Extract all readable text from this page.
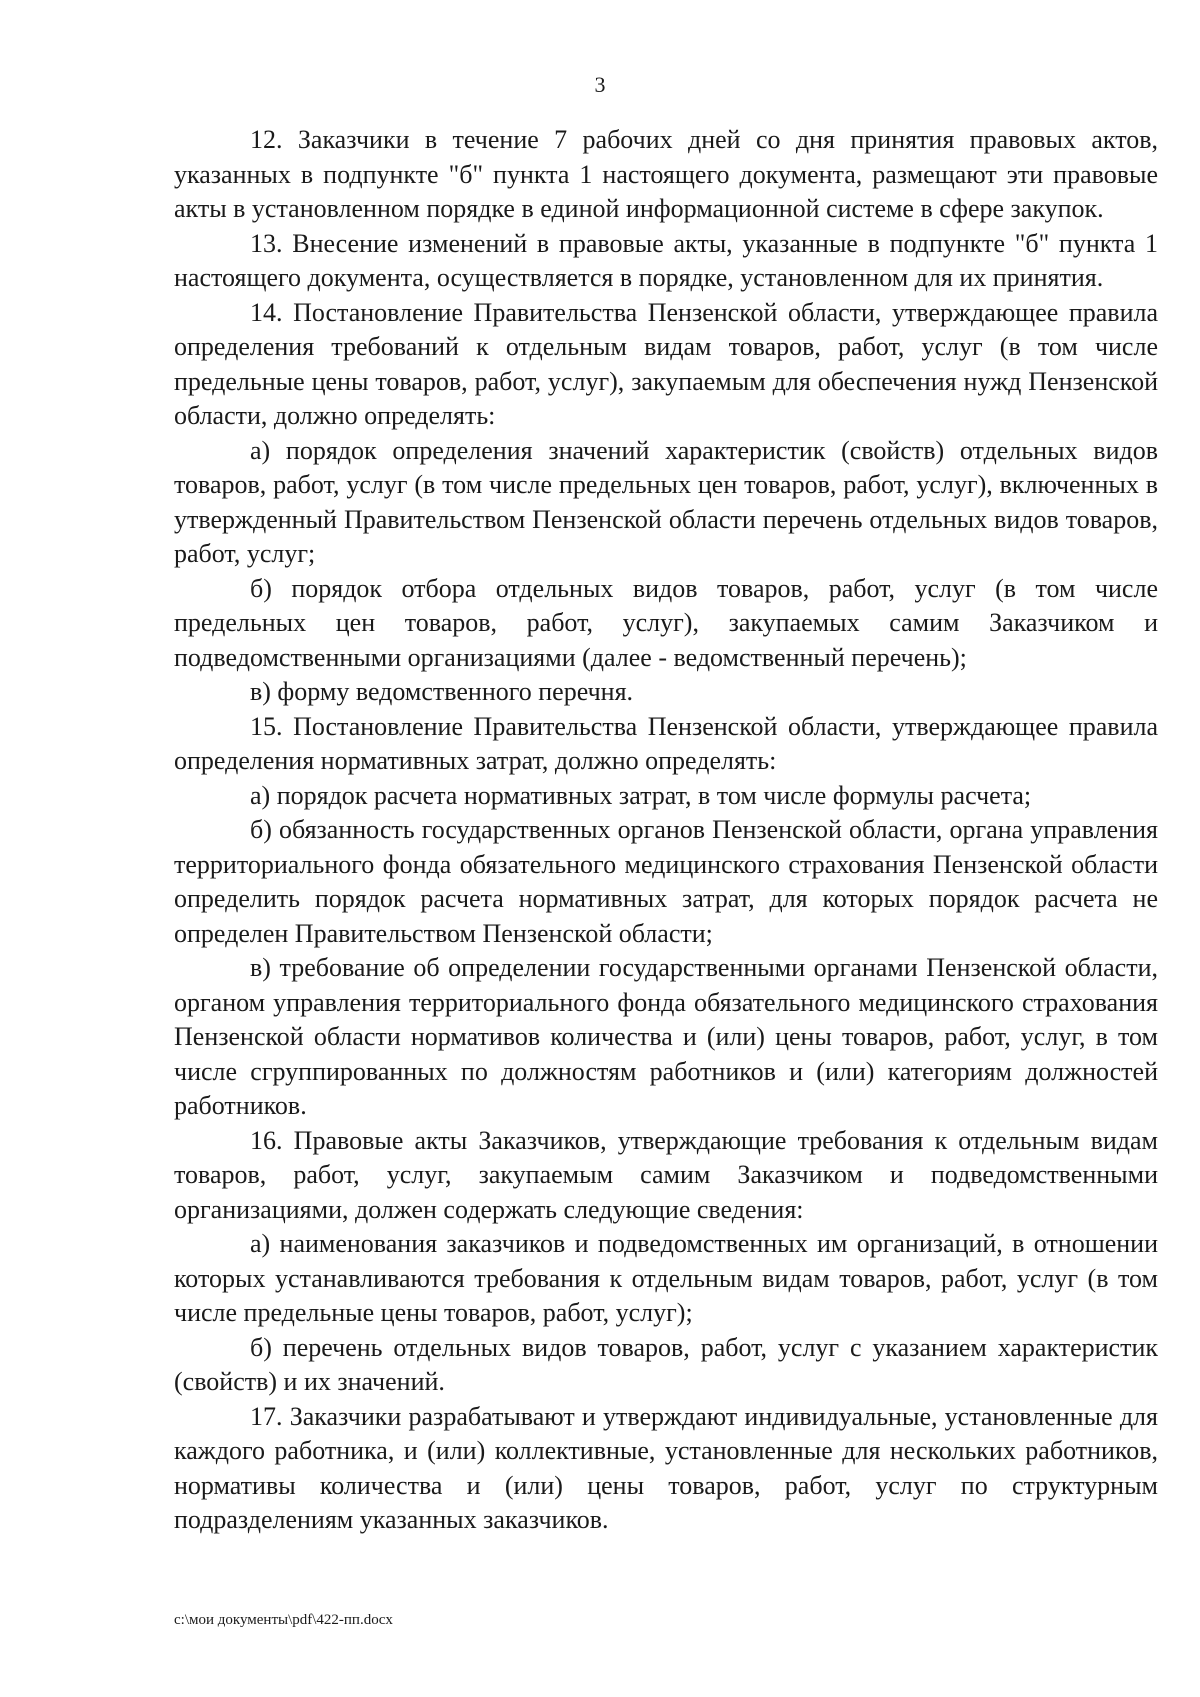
3

12. Заказчики в течение 7 рабочих дней со дня принятия правовых актов, указанных в подпункте "б" пункта 1 настоящего документа, размещают эти правовые акты в установленном порядке в единой информационной системе в сфере закупок.

13. Внесение изменений в правовые акты, указанные в подпункте "б" пункта 1 настоящего документа, осуществляется в порядке, установленном для их принятия.

14. Постановление Правительства Пензенской области, утверждающее правила определения требований к отдельным видам товаров, работ, услуг (в том числе предельные цены товаров, работ, услуг), закупаемым для обеспечения нужд Пензенской области, должно определять:

а) порядок определения значений характеристик (свойств) отдельных видов товаров, работ, услуг (в том числе предельных цен товаров, работ, услуг), включенных в утвержденный Правительством Пензенской области перечень отдельных видов товаров, работ, услуг;

б) порядок отбора отдельных видов товаров, работ, услуг (в том числе предельных цен товаров, работ, услуг), закупаемых самим Заказчиком и подведомственными организациями (далее - ведомственный перечень);

в) форму ведомственного перечня.

15. Постановление Правительства Пензенской области, утверждающее правила определения нормативных затрат, должно определять:

а) порядок расчета нормативных затрат, в том числе формулы расчета;

б) обязанность государственных органов Пензенской области, органа управления территориального фонда обязательного медицинского страхования Пензенской области определить порядок расчета нормативных затрат, для которых порядок расчета не определен Правительством Пензенской области;

в) требование об определении государственными органами Пензенской области, органом управления территориального фонда обязательного медицинского страхования Пензенской области нормативов количества и (или) цены товаров, работ, услуг, в том числе сгруппированных по должностям работников и (или) категориям должностей работников.

16. Правовые акты Заказчиков, утверждающие требования к отдельным видам товаров, работ, услуг, закупаемым самим Заказчиком и подведомственными организациями, должен содержать следующие сведения:

а) наименования заказчиков и подведомственных им организаций, в отношении которых устанавливаются требования к отдельным видам товаров, работ, услуг (в том числе предельные цены товаров, работ, услуг);

б) перечень отдельных видов товаров, работ, услуг с указанием характеристик (свойств) и их значений.

17. Заказчики разрабатывают и утверждают индивидуальные, установленные для каждого работника, и (или) коллективные, установленные для нескольких работников, нормативы количества и (или) цены товаров, работ, услуг по структурным подразделениям указанных заказчиков.

c:\мои документы\pdf\422-пп.docx
